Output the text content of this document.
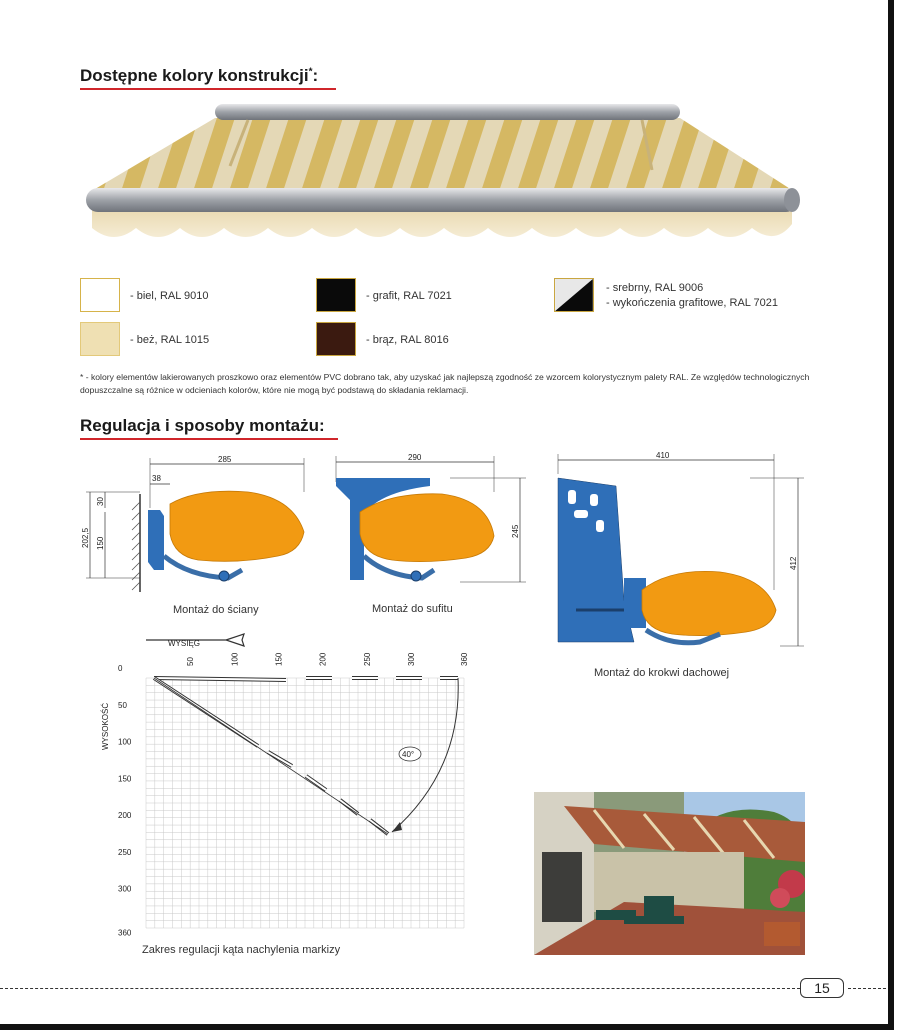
Dostępne kolory konstrukcji*:
- biel, RAL 9010
- beż, RAL 1015
- grafit, RAL 7021
- brąz, RAL 8016
- srebrny, RAL 9006
- wykończenia grafitowe, RAL 7021
* - kolory elementów lakierowanych proszkowo oraz elementów PVC dobrano tak, aby uzyskać jak najlepszą zgodność ze wzorcem kolorystycznym palety RAL. Ze względów technologicznych dopuszczalne są różnice w odcieniach kolorów, które nie mogą być podstawą do składania reklamacji.
Regulacja i sposoby montażu:
285
38
202,5
30
150
Montaż do ściany
290
245
Montaż do sufitu
410
412
Montaż do krokwi dachowej
WYSIĘG
WYSOKOŚĆ
50	100	150	200	250	300	360
0
50
100
150
200
250
300
360
40°
Zakres regulacji kąta nachylenia markizy
15
